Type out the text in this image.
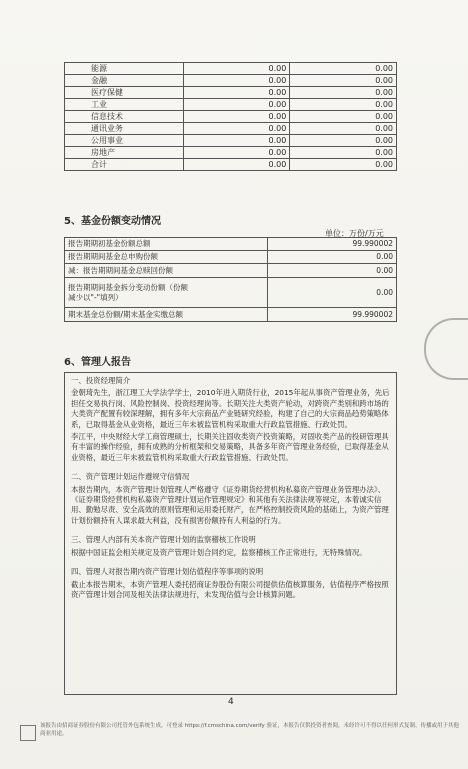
能源	0.00	0.00
金融	0.00	0.00
医疗保健	0.00	0.00
工业	0.00	0.00
信息技术	0.00	0.00
通讯业务	0.00	0.00
公用事业	0.00	0.00
房地产	0.00	0.00
合计	0.00	0.00
5、基金份额变动情况
单位：万份/万元
报告期期初基金份额总额	99.990002
报告期期间基金总申购份额	0.00
减：报告期期间基金总赎回份额	0.00
报告期期间基金拆分变动份额（份额
减少以"-"填列）	0.00
期末基金总份额/期末基金实缴总额	99.990002
6、管理人报告

一、投资经理简介

金朝琦先生，浙江理工大学法学学士，2010年进入期货行业，2015年起从事资产管理业务，先后担任交易执行岗、风险控制岗、投资经理岗等。长期关注大类资产轮动，对跨资产类别和跨市场的大类资产配置有较深理解，拥有多年大宗商品产业链研究经验，构建了自己的大宗商品趋势策略体系，已取得基金从业资格，最近三年未被监管机构采取重大行政监管措施、行政处罚。

李江平，中央财经大学工商管理硕士，长期关注固收类资产投资策略，对固收类产品的投研管理具有丰富的操作经验，拥有成熟的分析框架和交易策略，具备多年资产管理业务经验，已取得基金从业资格，最近三年未被监管机构采取重大行政监管措施、行政处罚。

二、资产管理计划运作遵规守信情况

本报告期内，本资产管理计划管理人严格遵守《证券期货经营机构私募资产管理业务管理办法》、《证券期货经营机构私募资产管理计划运作管理规定》和其他有关法律法规等规定，本着诚实信用、勤勉尽责、安全高效的原则管理和运用委托财产，在严格控制投资风险的基础上，为资产管理计划份额持有人谋求最大利益，没有损害份额持有人利益的行为。

三、管理人内部有关本资产管理计划的监察稽核工作说明

根据中国证监会相关规定及资产管理计划合同约定，监察稽核工作正常进行，无特殊情况。

四、管理人对报告期内资产管理计划估值程序等事项的说明

截止本报告期末，本资产管理人委托招商证券股份有限公司提供估值核算服务，估值程序严格按照资产管理计划合同及相关法律法规进行，未发现估值与会计核算问题。

4
该报告由招商证券股份有限公司托管外包系统生成，可登录 https://f.cmschina.com/verify 验证，本报告仅供投资者查阅，未经许可不得以任何形式复制、传播或用于其他商业用途。
